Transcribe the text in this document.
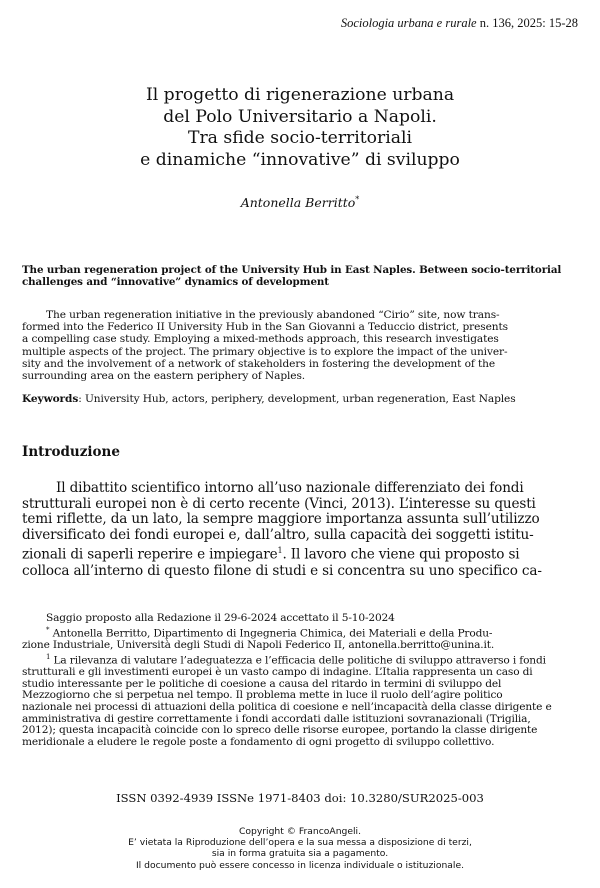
Sociologia urbana e rurale n. 136, 2025: 15-28
Il progetto di rigenerazione urbana
del Polo Universitario a Napoli.
Tra sfide socio-territoriali
e dinamiche “innovative” di sviluppo
Antonella Berritto*
The urban regeneration project of the University Hub in East Naples. Between socio-territorial challenges and “innovative” dynamics of development
The urban regeneration initiative in the previously abandoned “Cirio” site, now trans-
formed into the Federico II University Hub in the San Giovanni a Teduccio district, presents
a compelling case study. Employing a mixed-methods approach, this research investigates
multiple aspects of the project. The primary objective is to explore the impact of the univer-
sity and the involvement of a network of stakeholders in fostering the development of the
surrounding area on the eastern periphery of Naples.
Keywords: University Hub, actors, periphery, development, urban regeneration, East Naples
Introduzione
Il dibattito scientifico intorno all’uso nazionale differenziato dei fondi
strutturali europei non è di certo recente (Vinci, 2013). L’interesse su questi
temi riflette, da un lato, la sempre maggiore importanza assunta sull’utilizzo
diversificato dei fondi europei e, dall’altro, sulla capacità dei soggetti istitu-
zionali di saperli reperire e impiegare$^1$. Il lavoro che viene qui proposto si
colloca all’interno di questo filone di studi e si concentra su uno specifico ca-
Saggio proposto alla Redazione il 29-6-2024 accettato il 5-10-2024
* Antonella Berritto, Dipartimento di Ingegneria Chimica, dei Materiali e della Produ-
zione Industriale, Università degli Studi di Napoli Federico II, antonella.berritto@unina.it.
$^1$ La rilevanza di valutare l’adeguatezza e l’efficacia delle politiche di sviluppo attraverso i fondi
strutturali e gli investimenti europei è un vasto campo di indagine. L’Italia rappresenta un caso di
studio interessante per le politiche di coesione a causa del ritardo in termini di sviluppo del
Mezzogiorno che si perpetua nel tempo. Il problema mette in luce il ruolo dell’agire politico
nazionale nei processi di attuazioni della politica di coesione e nell’incapacità della classe dirigente e
amministrativa di gestire correttamente i fondi accordati dalle istituzioni sovranazionali (Trigilia,
2012); questa incapacità coincide con lo spreco delle risorse europee, portando la classe dirigente
meridionale a eludere le regole poste a fondamento di ogni progetto di sviluppo collettivo.
ISSN 0392-4939 ISSNe 1971-8403 doi: 10.3280/SUR2025-003
Copyright © FrancoAngeli.
E’ vietata la Riproduzione dell’opera e la sua messa a disposizione di terzi,
sia in forma gratuita sia a pagamento.
Il documento può essere concesso in licenza individuale o istituzionale.
